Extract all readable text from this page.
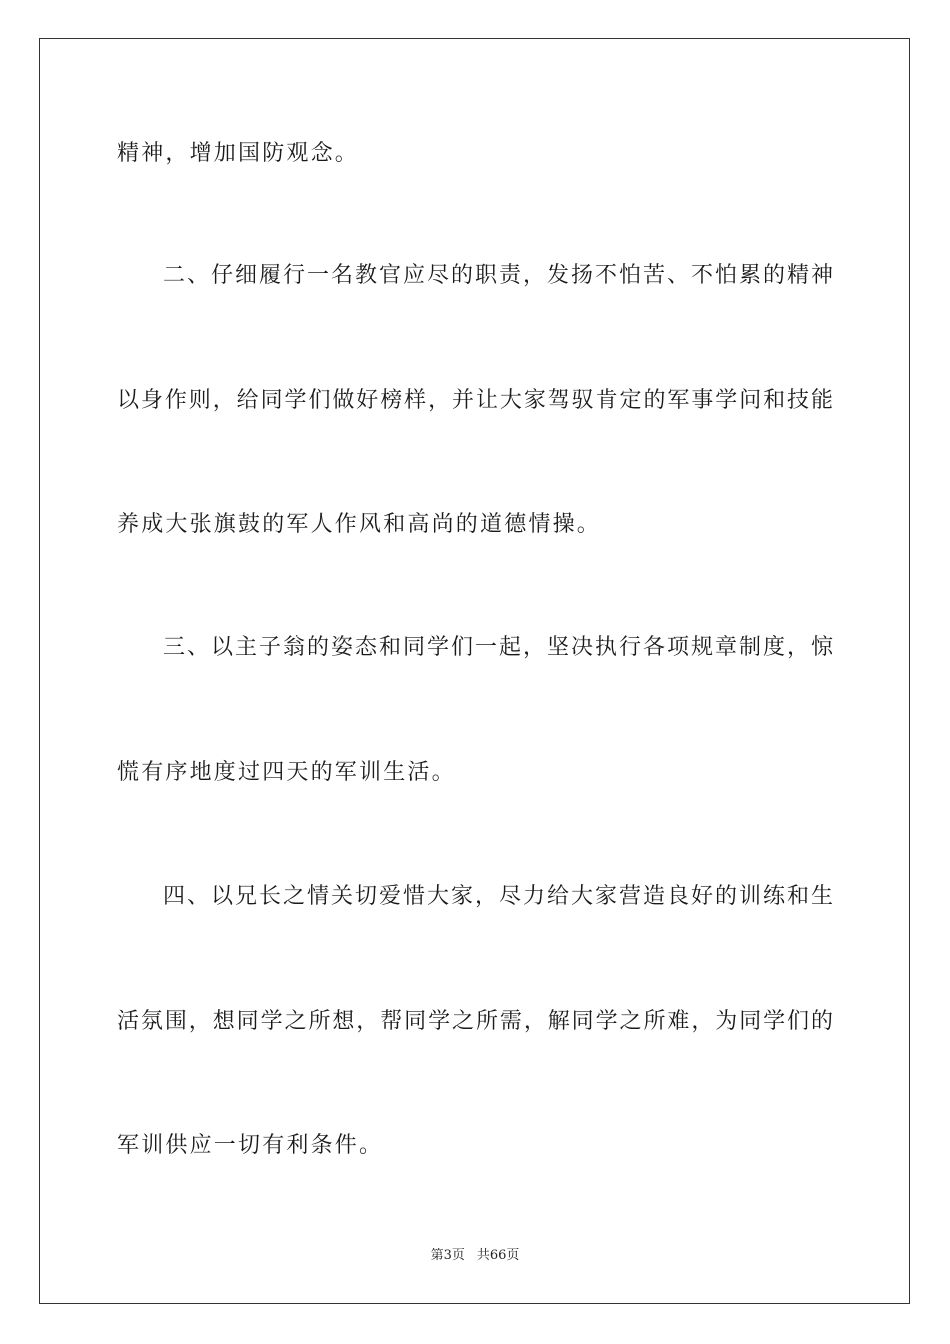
精神，增加国防观念。
二、仔细履行一名教官应尽的职责，发扬不怕苦、不怕累的精神
以身作则，给同学们做好榜样，并让大家驾驭肯定的军事学问和技能
养成大张旗鼓的军人作风和高尚的道德情操。
三、以主子翁的姿态和同学们一起，坚决执行各项规章制度，惊
慌有序地度过四天的军训生活。
四、以兄长之情关切爱惜大家，尽力给大家营造良好的训练和生
活氛围，想同学之所想，帮同学之所需，解同学之所难，为同学们的
军训供应一切有利条件。
第3页 共66页
